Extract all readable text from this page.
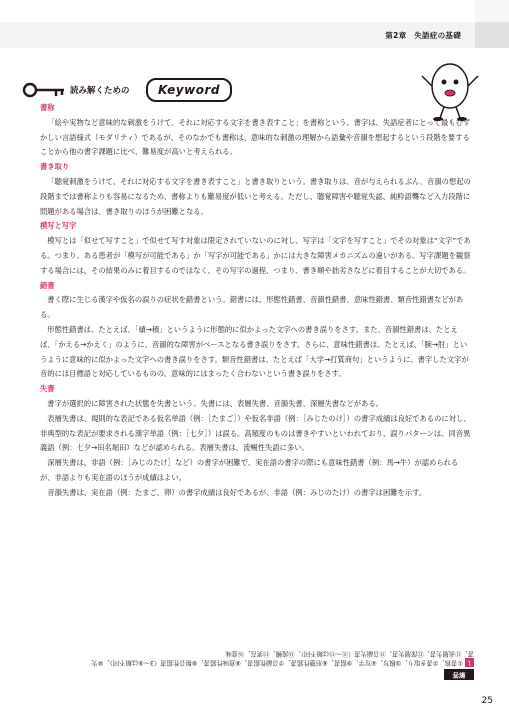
第2章　失語症の基礎
読み解くための	Keyword

書称

「絵や実物など意味的な刺激をうけて、それに対応する文字を書き表すこと」を書称という。書字は、失語症者にとって最もむずかしい言語様式（モダリティ）であるが、そのなかでも書称は、意味的な刺激の理解から語彙や音韻を想起するという段階を要することから他の書字課題に比べ、難易度が高いと考えられる。

書き取り

「聴覚刺激をうけて、それに対応する文字を書き表すこと」と書き取りという。書き取りは、音が与えられるぶん、音韻の想起の段階までは書称よりも容易になるため、書称よりも難易度が低いと考える。ただし、聴覚障害や聴覚失認、純粋語聾など入力段階に問題がある場合は、書き取りのほうが困難となる。

模写と写字

模写とは「似せて写すこと」で似せて写す対象は限定されていないのに対し、写字は「文字を写すこと」でその対象は“文字”である。つまり、ある患者が「模写が可能である」か「写字が可能である」かには大きな障害メカニズムの違いがある。写字課題を観察する場合には、その結果のみに着目するのではなく、その写字の過程、つまり、書き順や拙劣さなどに着目することが大切である。

錯書

書く際に生じる漢字や仮名の誤りの症状を錯書という。錯書には、形態性錯書、音韻性錯書、意味性錯書、類音性錯書などがある。

形態性錯書は、たとえば、「績→積」というように形態的に似かよった文字への書き誤りをさす。また、音韻性錯書は、たとえば、「かえる→かえく」のように、音韻的な障害がベースとなる書き誤りをさす。さらに、意味性錯書は、たとえば、「腕→肘」というように意味的に似かよった文字への書き誤りをさす。類音性錯書は、たとえば「大学→打質商句」というように、書字した文字が音的には目標語と対応しているものの、意味的にはまったく合わないという書き誤りをさす。

失書

書字が選択的に障害された状態を失書という。失書には、表層失書、音韻失書、深層失書などがある。

表層失書は、規則的な表記である仮名単語（例：［たまご］）や仮名非語（例：［みじたのけ］）の書字成績は良好であるのに対し、非典型的な表記が要求される漢字単語（例：［七夕］）は誤る。高頻度のものは書きやすいといわれており、誤りパターンは、同音異義語（例：七夕→田名堀田）などが認められる。表層失書は、流暢性失語に多い。

深層失書は、非語（例：［みじのたけ］など）の書字が困難で、実在語の書字の際にも意味性錯書（例：馬→牛）が認められるが、非語よりも実在語のほうが成績はよい。

音韻失書は、実在語（例：たまご、卵）の書字成績は良好であるが、非語（例：みじのたけ）の書字は困難を示す。

解答
1①書称、②書き取り、③模写、④写字、⑤錯書、⑥形態性錯書、⑦音韻性錯書、⑧意味性錯書、⑨類音性錯書（3〜⑨は順不同）、⑩失
書、⑪表層失書、⑫深層失書、⑬音韻失書（⑪〜⑬は順不同）、⑭流暢、⑮実在、⑯意味
25
